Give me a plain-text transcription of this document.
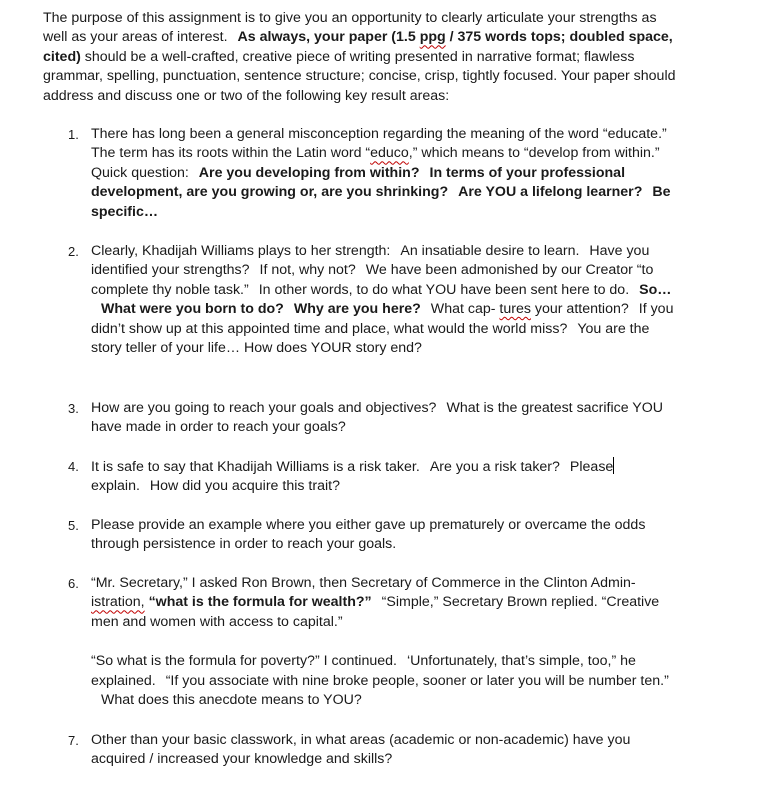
The purpose of this assignment is to give you an opportunity to clearly articulate your strengths as well as your areas of interest. As always, your paper (1.5 ppg / 375 words tops; doubled space, cited) should be a well-crafted, creative piece of writing presented in narrative format; flawless grammar, spelling, punctuation, sentence structure; concise, crisp, tightly focused. Your paper should address and discuss one or two of the following key result areas:
1. There has long been a general misconception regarding the meaning of the word “educate.” The term has its roots within the Latin word “educo,” which means to “develop from within.” Quick question: Are you developing from within? In terms of your professional development, are you growing or, are you shrinking? Are YOU a lifelong learner? Be specific…
2. Clearly, Khadijah Williams plays to her strength: An insatiable desire to learn. Have you identified your strengths? If not, why not? We have been admonished by our Creator “to complete thy noble task.” In other words, to do what YOU have been sent here to do. So…What were you born to do? Why are you here? What cap- tures your attention? If you didn’t show up at this appointed time and place, what would the world miss? You are the story teller of your life… How does YOUR story end?
3. How are you going to reach your goals and objectives? What is the greatest sacrifice YOU have made in order to reach your goals?
4. It is safe to say that Khadijah Williams is a risk taker. Are you a risk taker? Please
explain. How did you acquire this trait?
5. Please provide an example where you either gave up prematurely or overcame the odds through persistence in order to reach your goals.
6. “Mr. Secretary,” I asked Ron Brown, then Secretary of Commerce in the Clinton Admin- istration, “what is the formula for wealth?” “Simple,” Secretary Brown replied. “Creative men and women with access to capital.”
“So what is the formula for poverty?” I continued. ‘Unfortunately, that’s simple, too,” he explained. “If you associate with nine broke people, sooner or later you will be number ten.”What does this anecdote means to YOU?
7. Other than your basic classwork, in what areas (academic or non-academic) have you acquired / increased your knowledge and skills?
